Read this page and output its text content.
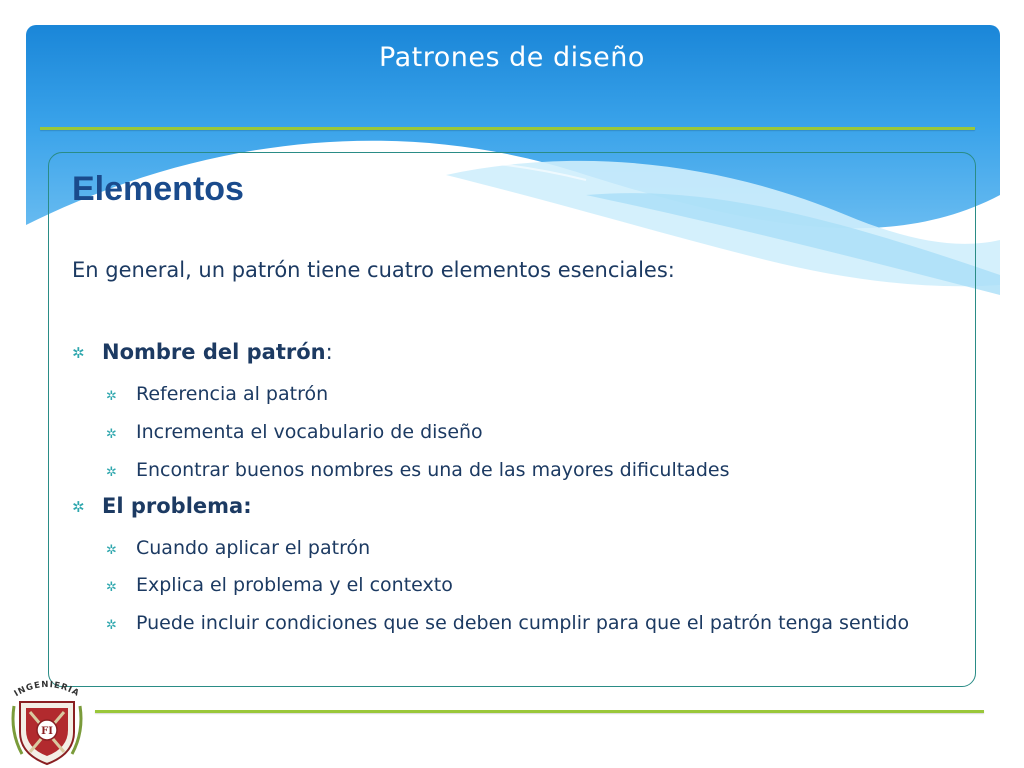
Patrones de diseño
Elementos
En general, un patrón tiene cuatro elementos esenciales:
✲ Nombre del patrón:
✲ Referencia al patrón
✲ Incrementa el vocabulario de diseño
✲ Encontrar buenos nombres es una de las mayores dificultades
✲ El problema:
✲ Cuando aplicar el patrón
✲ Explica el problema y el contexto
✲ Puede incluir condiciones que se deben cumplir para que el patrón tenga sentido
INGENIERIA
FI
